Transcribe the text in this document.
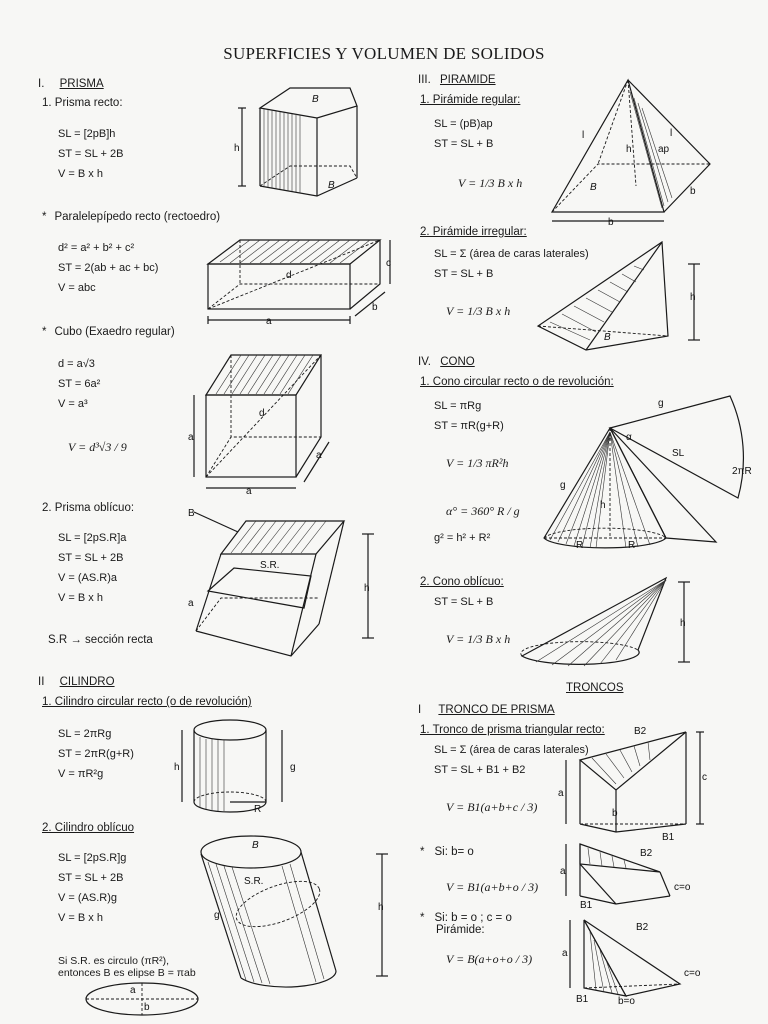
SUPERFICIES Y VOLUMEN DE SOLIDOS
I. PRISMA
1. Prisma recto:
SL = [2pB]h
ST = SL + 2B
V = B x h
h
B
B
* Paralelepípedo recto (rectoedro)
d² = a² + b² + c²
ST = 2(ab + ac + bc)
V = abc
a
b
c
d
* Cubo (Exaedro regular)
d = a√3
ST = 6a²
V = a³
V = d³√3 / 9
a
a
a
d
2. Prisma oblícuo:
SL = [2pS.R]a
ST = SL + 2B
V = (AS.R)a
V = B x h
S.R → sección recta
B
S.R.
a
h
II CILINDRO
1. Cilindro circular recto (o de revolución)
SL = 2πRg
ST = 2πR(g+R)
V = πR²g
h	g
R
2. Cilindro oblícuo
SL = [2pS.R]g
ST = SL + 2B
V = (AS.R)g
V = B x h
Si S.R. es circulo (πR²),
entonces B es elipse B = πab
a
b
S.R.
B
g
h
III. PIRAMIDE
1. Pirámide regular:
SL = (pB)ap
ST = SL + B
V = 1/3 B x h
l	l
h	ap
B	b
b
2. Pirámide irregular:
SL = Σ (área de caras laterales)
ST = SL + B
V = 1/3 B x h
h
B
IV. CONO
1. Cono circular recto o de revolución:
SL = πRg
ST = πR(g+R)
V = 1/3 πR²h
α° = 360° R / g
g² = h² + R²
g
α
SL
2πR
g
h
R	R
2. Cono oblícuo:
ST = SL + B
V = 1/3 B x h
h
TRONCOS
I TRONCO DE PRISMA
1. Tronco de prisma triangular recto:
SL = Σ (área de caras laterales)
ST = SL + B1 + B2
V = B1(a+b+c / 3)
a
b
c
B2
B1
* Si: b= o
V = B1(a+b+o / 3)
a
B2
c=o
B1
* Si: b = o ; c = o
Pirámide:
V = B(a+o+o / 3)	a
B2
c=o
b=o
B1
